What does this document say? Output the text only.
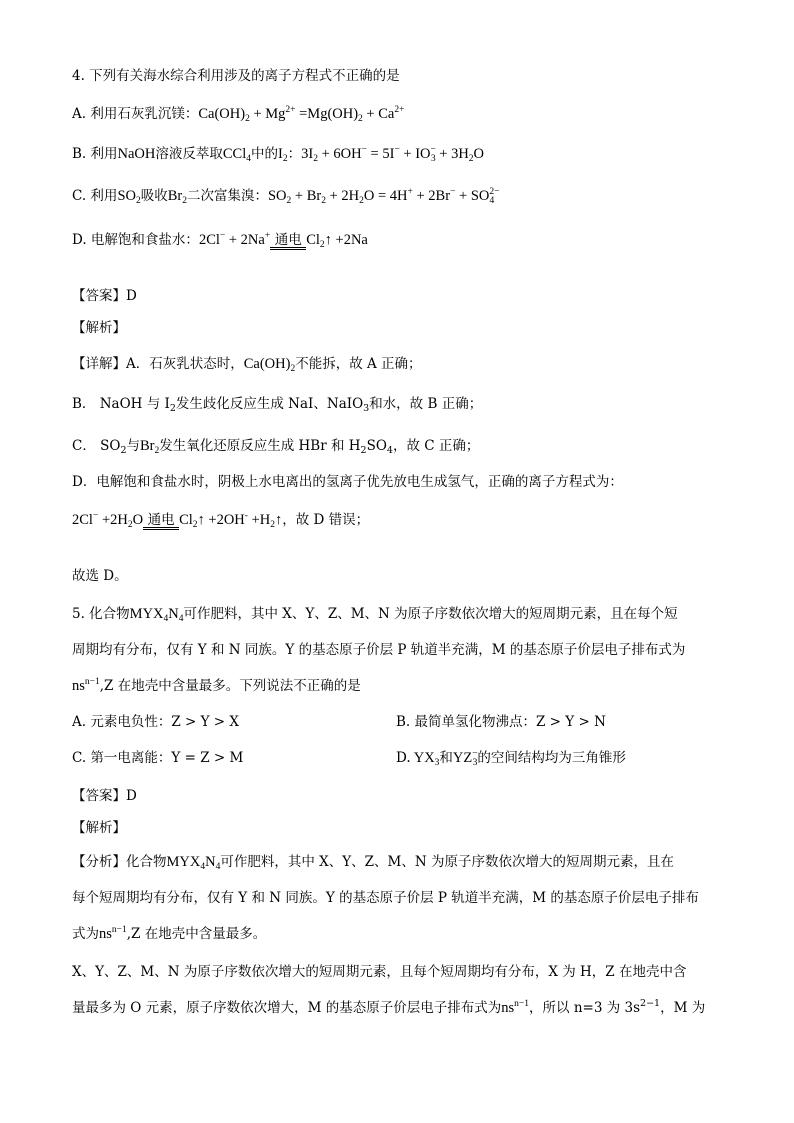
4. 下列有关海水综合利用涉及的离子方程式不正确的是
A. 利用石灰乳沉镁：$Ca(OH)_2 + Mg^{2+} =Mg(OH)_2 + Ca^{2+}$
B. 利用NaOH溶液反萃取CCl$_4$中的$I_2$：$3I_2 + 6OH^- = 5I^- + IO^-_3 + 3H_2O$
C. 利用$SO_2$吸收$Br_2$二次富集溴：$SO_2 + Br_2 + 2H_2O = 4H^+ + 2Br^- + SO^{2-}_4$
D. 电解饱和食盐水：2Cl− + 2Na+ 通电 $Cl_2↑ +2Na$
【答案】D
【解析】
【详解】A．石灰乳状态时，$Ca(OH)_2$不能拆，故 A 正确；
B． NaOH 与 $I_2$发生歧化反应生成 NaI、NaIO$_3$和水，故 B 正确；
C． $SO_2$与$Br_2$发生氧化还原反应生成 HBr 和 $H_2SO_4$，故 C 正确；
D．电解饱和食盐水时，阴极上水电离出的氢离子优先放电生成氢气，正确的离子方程式为：
$2Cl^- +2H_2O$ 通电 $Cl_2↑ +2OH^-$ $+H_2↑$，故 D 错误；
故选 D。
5. 化合物$MYX_4N_4$可作肥料，其中 X、Y、Z、M、N 为原子序数依次增大的短周期元素，且在每个短
周期均有分布，仅有 Y 和 N 同族。Y 的基态原子价层 P 轨道半充满，M 的基态原子价层电子排布式为
$ns^{n-1},Z$ 在地壳中含量最多。下列说法不正确的是
A. 元素电负性：Z > Y > X	B. 最简单氢化物沸点：Z > Y > N
C. 第一电离能：Y = Z > M	D. $YX_3$和$YZ^-_3$的空间结构均为三角锥形
【答案】D
【解析】
【分析】化合物$MYX_4N_4$可作肥料，其中 X、Y、Z、M、N 为原子序数依次增大的短周期元素，且在
每个短周期均有分布，仅有 Y 和 N 同族。Y 的基态原子价层 P 轨道半充满，M 的基态原子价层电子排布
式为$ns^{n-1},Z$ 在地壳中含量最多。
X、Y、Z、M、N 为原子序数依次增大的短周期元素，且每个短周期均有分布，X 为 H，Z 在地壳中含
量最多为 O 元素，原子序数依次增大，M 的基态原子价层电子排布式为$ns^{n-1}$，所以 n=3 为 $3s^{2-1}$，M 为
